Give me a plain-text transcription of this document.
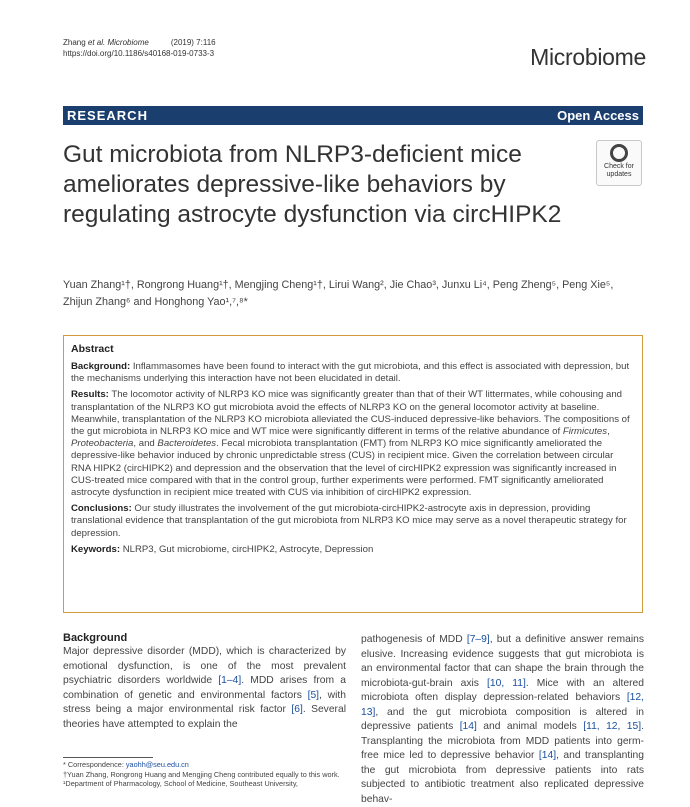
Zhang et al. Microbiome	(2019) 7:116
https://doi.org/10.1186/s40168-019-0733-3	Microbiome
RESEARCH	Open Access
Gut microbiota from NLRP3-deficient mice ameliorates depressive-like behaviors by regulating astrocyte dysfunction via circHIPK2
Check for
updates
Yuan Zhang¹†, Rongrong Huang¹†, Mengjing Cheng¹†, Lirui Wang², Jie Chao³, Junxu Li⁴, Peng Zheng⁵, Peng Xie⁵,
Zhijun Zhang⁶ and Honghong Yao¹,⁷,⁸*
Abstract

Background: Inflammasomes have been found to interact with the gut microbiota, and this effect is associated with depression, but the mechanisms underlying this interaction have not been elucidated in detail.

Results: The locomotor activity of NLRP3 KO mice was significantly greater than that of their WT littermates, while cohousing and transplantation of the NLRP3 KO gut microbiota avoid the effects of NLRP3 KO on the general locomotor activity at baseline. Meanwhile, transplantation of the NLRP3 KO microbiota alleviated the CUS-induced depressive-like behaviors. The compositions of the gut microbiota in NLRP3 KO mice and WT mice were significantly different in terms of the relative abundance of Firmicutes, Proteobacteria, and Bacteroidetes. Fecal microbiota transplantation (FMT) from NLRP3 KO mice significantly ameliorated the depressive-like behavior induced by chronic unpredictable stress (CUS) in recipient mice. Given the correlation between circular RNA HIPK2 (circHIPK2) and depression and the observation that the level of circHIPK2 expression was significantly increased in CUS-treated mice compared with that in the control group, further experiments were performed. FMT significantly ameliorated astrocyte dysfunction in recipient mice treated with CUS via inhibition of circHIPK2 expression.

Conclusions: Our study illustrates the involvement of the gut microbiota-circHIPK2-astrocyte axis in depression, providing translational evidence that transplantation of the gut microbiota from NLRP3 KO mice may serve as a novel therapeutic strategy for depression.

Keywords: NLRP3, Gut microbiome, circHIPK2, Astrocyte, Depression

Background
Major depressive disorder (MDD), which is characterized by emotional dysfunction, is one of the most prevalent psychiatric disorders worldwide [1–4]. MDD arises from a combination of genetic and environmental factors [5], with stress being a major environmental risk factor [6]. Several theories have attempted to explain the
pathogenesis of MDD [7–9], but a definitive answer remains elusive. Increasing evidence suggests that gut microbiota is an environmental factor that can shape the brain through the microbiota-gut-brain axis [10, 11]. Mice with an altered microbiota often display depression-related behaviors [12, 13], and the gut microbiota composition is altered in depressive patients [14] and animal models [11, 12, 15]. Transplanting the microbiota from MDD patients into germ-free mice led to depressive behavior [14], and transplanting the gut microbiota from depressive patients into rats subjected to antibiotic treatment also replicated depressive behav-
* Correspondence: yaohh@seu.edu.cn
†Yuan Zhang, Rongrong Huang and Mengjing Cheng contributed equally to this work.
¹Department of Pharmacology, School of Medicine, Southeast University,
